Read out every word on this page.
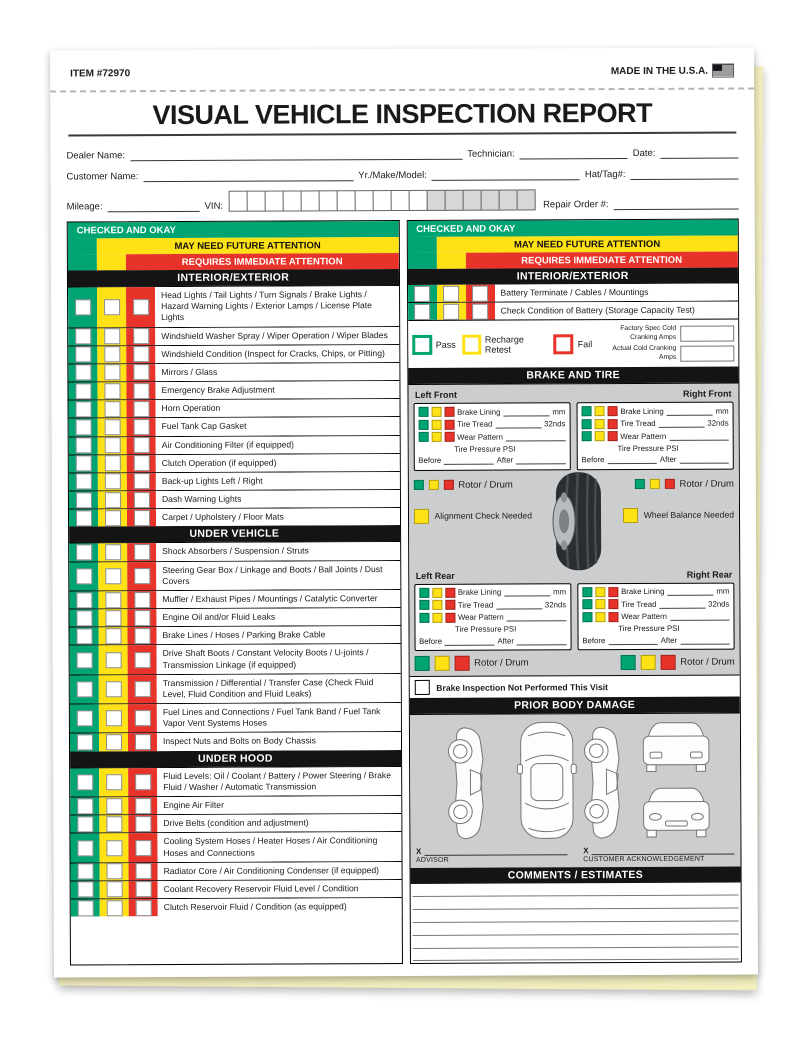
ITEM #72970	MADE IN THE U.S.A.
VISUAL VEHICLE INSPECTION REPORT
Dealer Name:	Technician:	Date:
Customer Name:	Yr./Make/Model:	Hat/Tag#:
Mileage:	VIN:	Repair Order #:
CHECKED AND OKAY
MAY NEED FUTURE ATTENTION
REQUIRES IMMEDIATE ATTENTION
INTERIOR/EXTERIOR
Head Lights / Tail Lights / Turn Signals / Brake Lights / Hazard Warning Lights / Exterior Lamps / License Plate Lights
Windshield Washer Spray / Wiper Operation / Wiper Blades
Windshield Condition (Inspect for Cracks, Chips, or Pitting)
Mirrors / Glass
Emergency Brake Adjustment
Horn Operation
Fuel Tank Cap Gasket
Air Conditioning Filter (if equipped)
Clutch Operation (if equipped)
Back-up Lights Left / Right
Dash Warning Lights
Carpet / Upholstery / Floor Mats
UNDER VEHICLE
Shock Absorbers / Suspension / Struts
Steering Gear Box / Linkage and Boots / Ball Joints / Dust Covers
Muffler / Exhaust Pipes / Mountings / Catalytic Converter
Engine Oil and/or Fluid Leaks
Brake Lines / Hoses / Parking Brake Cable
Drive Shaft Boots / Constant Velocity Boots / U-joints / Transmission Linkage (if equipped)
Transmission / Differential / Transfer Case (Check Fluid Level, Fluid Condition and Fluid Leaks)
Fuel Lines and Connections / Fuel Tank Band / Fuel Tank Vapor Vent Systems Hoses
Inspect Nuts and Bolts on Body Chassis
UNDER HOOD
Fluid Levels: Oil / Coolant / Battery / Power Steering / Brake Fluid / Washer / Automatic Transmission
Engine Air Filter
Drive Belts (condition and adjustment)
Cooling System Hoses / Heater Hoses / Air Conditioning Hoses and Connections
Radiator Core / Air Conditioning Condenser (if equipped)
Coolant Recovery Reservoir Fluid Level / Condition
Clutch Reservoir Fluid / Condition (as equipped)
CHECKED AND OKAY
MAY NEED FUTURE ATTENTION
REQUIRES IMMEDIATE ATTENTION
INTERIOR/EXTERIOR
Battery Terminate / Cables / Mountings
Check Condition of Battery (Storage Capacity Test)
Pass
Recharge Retest
Fail
Factory Spec Cold Cranking Amps
Actual Cold Cranking Amps
BRAKE AND TIRE
Left Front	Right Front
Brake Lining	mm
Tire Tread	32nds
Wear Pattern
Tire Pressure PSI
Before	After
Brake Lining	mm
Tire Tread	32nds
Wear Pattern
Tire Pressure PSI
Before	After
Rotor / Drum
Alignment Check Needed
Rotor / Drum
Wheel Balance Needed
Left Rear	Right Rear
Brake Lining	mm
Tire Tread	32nds
Wear Pattern
Tire Pressure PSI
Before	After
Brake Lining	mm
Tire Tread	32nds
Wear Pattern
Tire Pressure PSI
Before	After
Rotor / Drum	Rotor / Drum
Brake Inspection Not Performed This Visit
PRIOR BODY DAMAGE
X
ADVISOR
X
CUSTOMER ACKNOWLEDGEMENT
COMMENTS / ESTIMATES
